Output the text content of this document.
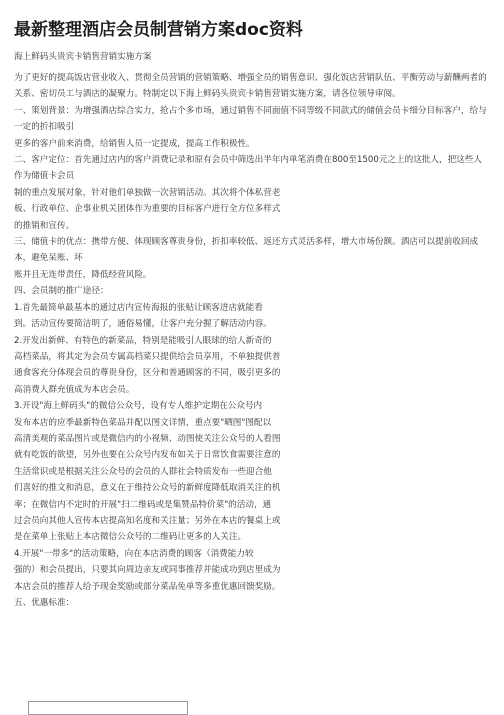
最新整理酒店会员制营销方案doc资料
海上鲜码头贵宾卡销售营销实施方案

为了更好的提高饭店营业收入、贯彻全员营销的营销策略、增强全员的销售意识、强化饭店营销队伍、平衡劳动与薪酬两者的关系、密切员工与酒店的凝聚力。特制定以下海上鲜码头贵宾卡销售营销实施方案，请各位领导审阅。

一、策划背景：为增强酒店综合实力，抢占个多市场，通过销售不同面值不同等级不同款式的储值会员卡细分目标客户，给与一定的折扣吸引

更多的客户前来消费，给销售人员一定提成，提高工作积极性。

二、客户定位：首先通过店内的客户消费记录和原有会员中筛选出半年内单笔消费在800至1500元之上的这批人，把这些人作为储值卡会员

制的重点发展对象，针对他们单独做一次营销活动。其次将个体私营老

板、行政单位、企事业机关团体作为重要的目标客户进行全方位多样式

的推销和宣传。

三、储值卡的优点：携带方便、体现顾客尊贵身份，折扣率较低、返还方式灵活多样，增大市场份额。酒店可以提前收回成本，避免呆账、坏

账并且无连带责任，降低经营风险。

四、会员制的推广途径：

1.首先最简单最基本的通过店内宣传海报的张贴让顾客进店就能看

到。活动宣传要简洁明了，通俗易懂，让客户充分握了解活动内容。

2.开发出新鲜、有特色的新菜品，特别是能吸引人眼球的给人新奇的

高档菜品，将其定为会员专属高档菜只提供给会员享用，不单独提供普

通食客充分体现会员的尊贵身份，区分和普通顾客的不同，吸引更多的

高消费人群充值成为本店会员。

3.开设"海上鲜码头"的微信公众号，设有专人维护定期在公众号内

发布本店的应季最新特色菜品并配以图文详情，重点要"晒图"图配以

高清美观的菜品图片或是微信内的小视频、动图使关注公众号的人看图

就有吃饭的欲望，另外也要在公众号内发布如关于日常饮食需要注意的

生活常识或是根据关注公众号的会员的人群社会特质发布一些迎合他

们喜好的推文和消息，意义在于维持公众号的新鲜度降低取消关注的机

率；在微信内不定时的开展"扫二维码或是集赞品特价菜"的活动，通

过会员向其他人宣传本店提高知名度和关注量；另外在本店的餐桌上或

是在菜单上张贴上本店微信公众号的二维码让更多的人关注。

4.开展"一带多"的活动策略，向在本店消费的顾客（消费能力较

强的）和会员提出，只要其向周边亲友或同事推荐并能成功到店里成为

本店会员的推荐人给予现金奖励或部分菜品免单等多重优惠回馈奖励。

五、优惠标准：
